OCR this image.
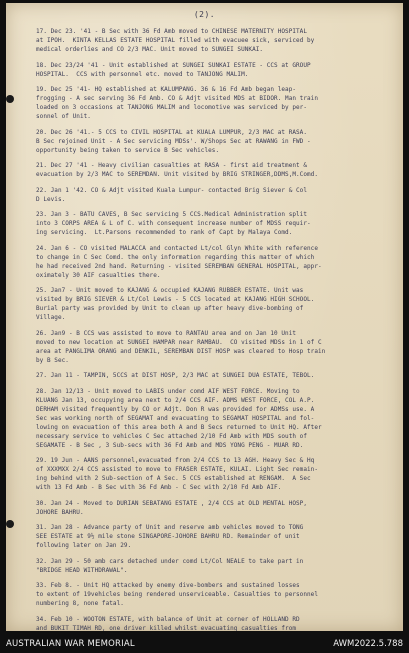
(2).
17. Dec 23. '41 - B Sec with 36 Fd Amb moved to CHINESE MATERNITY HOSPITAL
at IPOH.  KINTA KELLAS ESTATE HOSPITAL filled with evacuee sick, serviced by
medical orderlies and CO 2/3 MAC. Unit moved to SUNGEI SUNKAI.
18. Dec 23/24 '41 - Unit established at SUNGEI SUNKAI ESTATE - CCS at GROUP
HOSPITAL.  CCS with personnel etc. moved to TANJONG MALIM.
19. Dec 25 '41- HQ established at KALUMPANG. 36 & 16 Fd Amb began leap-
frogging - A sec serving 36 Fd Amb. CO & Adjt visited MDS at BIDOR. Man train
loaded on 3 occasions at TANJONG MALIM and locomotive was serviced by per-
sonnel of Unit.
20. Dec 26 '41.- 5 CCS to CIVIL HOSPITAL at KUALA LUMPUR, 2/3 MAC at RASA.
B Sec rejoined Unit - A Sec servicing MDSs'. W/Shops Sec at RAWANG in FWD -
opportunity being taken to service B Sec vehicles.
21. Dec 27 '41 - Heavy civilian casualties at RASA - first aid treatment &
evacuation by 2/3 MAC to SEREMDAN. Unit visited by BRIG STRINGER,DDMS,M.Comd.
22. Jan 1 '42. CO & Adjt visited Kuala Lumpur- contacted Brig Siever & Col
D Levis.
23. Jan 3 - BATU CAVES, B Sec servicing 5 CCS.Medical Administration split
into 3 CORPS AREA & L of C. with consequent increase number of MDSS requir-
ing servicing.  Lt.Parsons recommended to rank of Capt by Malaya Comd.
24. Jan 6 - CO visited MALACCA and contacted Lt/col Glyn White with reference
to change in C Sec Comd. the only information regarding this matter of which
he had received 2nd hand. Returning - visited SEREMBAN GENERAL HOSPITAL, appr-
oximately 30 AIF casualties there.
25. Jan7 - Unit moved to KAJANG & occupied KAJANG RUBBER ESTATE. Unit was
visited by BRIG SIEVER & Lt/Col Lewis - 5 CCS located at KAJANG HIGH SCHOOL.
Burial party was provided by Unit to clean up after heavy dive-bombing of
Village.
26. Jan9 - B CCS was assisted to move to RANTAU area and on Jan 10 Unit
moved to new location at SUNGEI HAMPAR near RAMBAU.  CO visited MDSs in 1 of C
area at PANGLIMA ORANG and DENKIL, SEREMBAN DIST HOSP was cleared to Hosp train
by B Sec.
27. Jan 11 - TAMPIN, 5CCS at DIST HOSP, 2/3 MAC at SUNGEI DUA ESTATE, TEBOL.
28. Jan 12/13 - Unit moved to LABIS under comd AIF WEST FORCE. Moving to
KLUANG Jan 13, occupying area next to 2/4 CCS AIF. ADMS WEST FORCE, COL A.P.
DERHAM visited frequently by CO or Adjt. Don R was provided for ADMSs use. A
Sec was working north of SEGAMAT and evacuating to SEGAMAT HOSPITAL and fol-
lowing on evacuation of this area both A and B Secs returned to Unit HQ. After
necessary service to vehicles C Sec attached 2/10 Fd Amb with MDS south of
SEGAMATE - B Sec , 3 Sub-secs with 36 Fd Amb and MDS YONG PENG - MUAR RD.
29. 19 Jun - AANS personnel,evacuated from 2/4 CCS to 13 AGH. Heavy Sec & Hq
of XXXMXX 2/4 CCS assisted to move to FRASER ESTATE, KULAI. Light Sec remain-
ing behind with 2 Sub-section of A Sec. 5 CCS established at RENGAM.  A Sec
with 13 Fd Amb - B Sec with 36 Fd Amb - C Sec with 2/10 Fd Amb AIF.
30. Jan 24 - Moved to DURIAN SEBATANG ESTATE , 2/4 CCS at OLD MENTAL HOSP,
JOHORE BAHRU.
31. Jan 28 - Advance party of Unit and reserve amb vehicles moved to TONG
SEE ESTATE at 9½ mile stone SINGAPORE-JOHORE BAHRU RD. Remainder of unit
following later on Jan 29.
32. Jan 29 - 50 amb cars detached under comd Lt/Col NEALE to take part in
"BRIDGE HEAD WITHDRAWAL".
33. Feb 8. - Unit HQ attacked by enemy dive-bombers and sustained losses
to extent of 19vehicles being rendered unserviceable. Casualties to personnel
numbering 8, none fatal.
34. Feb 10 - WOOTON ESTATE, with balance of Unit at corner of HOLLAND RD
and BUKIT TIMAH RD, one driver killed whilst evacuating casualties from
AUSTRALIAN WAR MEMORIAL	AWM2022.5.788
